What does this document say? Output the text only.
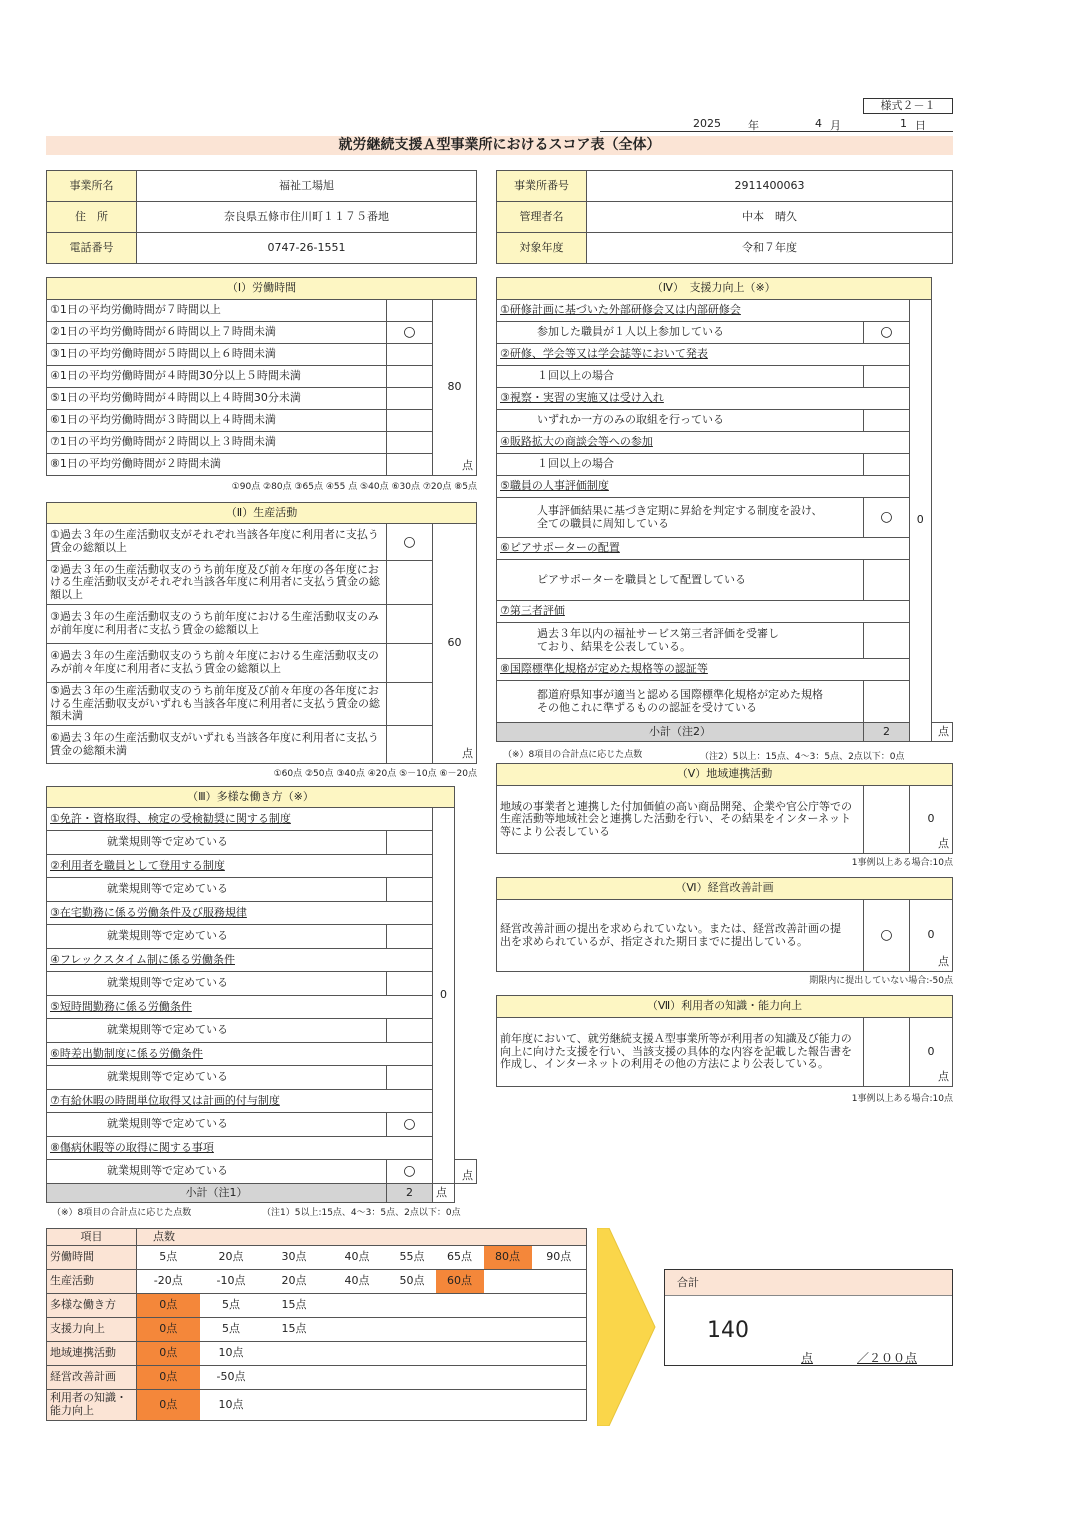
様式２－１
2025 年	4 月	1 日
就労継続支援Ａ型事業所におけるスコア表（全体）
事業所名	福祉工場旭
住　所	奈良県五條市住川町１１７５番地
電話番号	0747-26-1551
事業所番号	2911400063
管理者名	中本　晴久
対象年度	令和７年度
（Ⅰ）労働時間		
①1日の平均労働時間が７時間以上		80
点

②1日の平均労働時間が６時間以上７時間未満	○	
③1日の平均労働時間が５時間以上６時間未満		
④1日の平均労働時間が４時間30分以上５時間未満		
⑤1日の平均労働時間が４時間以上４時間30分未満		
⑥1日の平均労働時間が３時間以上４時間未満		
⑦1日の平均労働時間が２時間以上３時間未満		
⑧1日の平均労働時間が２時間未満		
①90点 ②80点 ③65点 ④55 点 ⑤40点 ⑥30点 ⑦20点 ⑧5点
（Ⅱ）生産活動		
①過去３年の生産活動収支がそれぞれ当該各年度に利用者に支払う賃金の総額以上	○	60
点

②過去３年の生産活動収支のうち前年度及び前々年度の各年度における生産活動収支がそれぞれ当該各年度に利用者に支払う賃金の総額以上		
③過去３年の生産活動収支のうち前年度における生産活動収支のみが前年度に利用者に支払う賃金の総額以上		
④過去３年の生産活動収支のうち前々年度における生産活動収支のみが前々年度に利用者に支払う賃金の総額以上		
⑤過去３年の生産活動収支のうち前年度及び前々年度の各年度における生産活動収支がいずれも当該各年度に利用者に支払う賃金の総額未満		
⑥過去３年の生産活動収支がいずれも当該各年度に利用者に支払う賃金の総額未満		
①60点 ②50点 ③40点 ④20点 ⑤－10点 ⑥－20点
（Ⅲ）多様な働き方（※）			
①免許・資格取得、検定の受検勧奨に関する制度		0	
就業規則等で定めている			
②利用者を職員として登用する制度			
就業規則等で定めている			
③在宅勤務に係る労働条件及び服務規律			
就業規則等で定めている			
④フレックスタイム制に係る労働条件			
就業規則等で定めている			
⑤短時間勤務に係る労働条件			
就業規則等で定めている			
⑥時差出勤制度に係る労働条件			
就業規則等で定めている			
⑦有給休暇の時間単位取得又は計画的付与制度			
就業規則等で定めている	○		
⑧傷病休暇等の取得に関する事項			
就業規則等で定めている	○		点
小計（注1）	2	点	
（※）8項目の合計点に応じた点数	（注1）5以上:15点、4～3：5点、2点以下：0点
（Ⅳ）　支援力向上（※）			
①研修計画に基づいた外部研修会又は内部研修会		0	
参加した職員が１人以上参加している	○		
②研修、学会等又は学会誌等において発表			
１回以上の場合			
③視察・実習の実施又は受け入れ			
いずれか一方のみの取組を行っている			
④販路拡大の商談会等への参加			
１回以上の場合			
⑤職員の人事評価制度			
人事評価結果に基づき定期に昇給を判定する制度を設け、全ての職員に周知している	○		
⑥ピアサポーターの配置			
ピアサポーターを職員として配置している			
⑦第三者評価			
過去３年以内の福祉サービス第三者評価を受審しており、結果を公表している。			
⑧国際標準化規格が定めた規格等の認証等			
都道府県知事が適当と認める国際標準化規格が定めた規格その他これに準ずるものの認証を受けている			
小計（注2）	2		点
（※）8項目の合計点に応じた点数	（注2）5以上：15点、4～3：5点、2点以下：0点
（Ⅴ）地域連携活動
地域の事業者と連携した付加価値の高い商品開発、企業や官公庁等での生産活動等地域社会と連携した活動を行い、その結果をインターネット等により公表している		
0
点
1事例以上ある場合:10点
（Ⅵ）経営改善計画
経営改善計画の提出を求められていない。または、経営改善計画の提出を求められているが、指定された期日までに提出している。	○	0
点
期限内に提出していない場合:-50点
（Ⅶ）利用者の知識・能力向上
前年度において、就労継続支援Ａ型事業所等が利用者の知識及び能力の向上に向けた支援を行い、当該支援の具体的な内容を記載した報告書を作成し、インターネットの利用その他の方法により公表している。		
0
点
1事例以上ある場合:10点
項目	点数							
労働時間	5点	20点	30点	40点	55点	65点	80点	90点
生産活動	-20点	-10点	20点	40点	50点	60点		
多様な働き方	0点	5点	15点					
支援力向上	0点	5点	15点					
地域連携活動	0点	10点						
経営改善計画	0点	-50点						
利用者の知識・能力向上	0点	10点						
合計
140
点	／２００点
